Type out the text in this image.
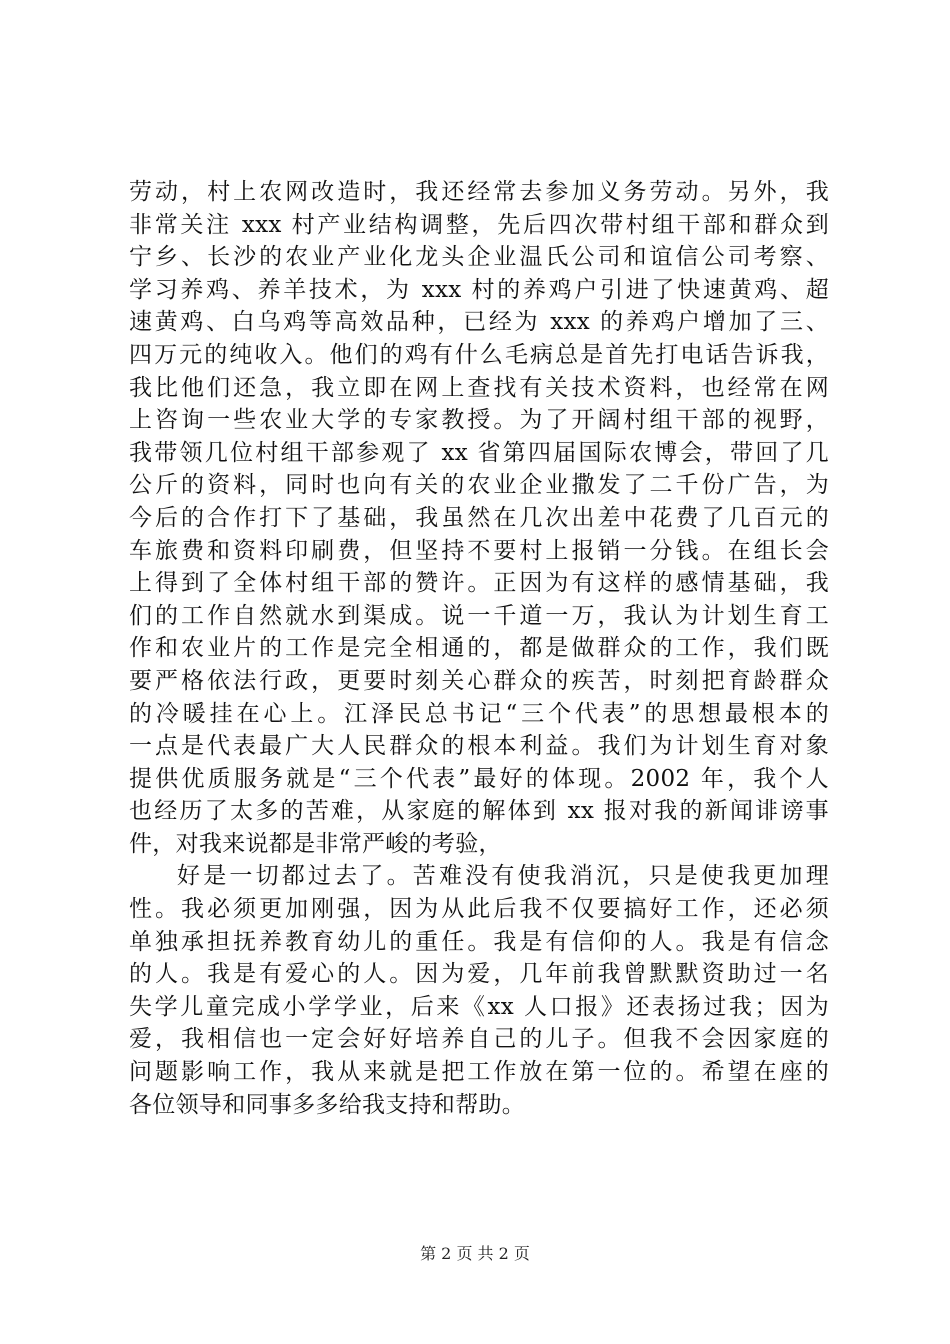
劳动，村上农网改造时，我还经常去参加义务劳动。另外，我
非常关注 xxx 村产业结构调整，先后四次带村组干部和群众到
宁乡、长沙的农业产业化龙头企业温氏公司和谊信公司考察、
学习养鸡、养羊技术，为 xxx 村的养鸡户引进了快速黄鸡、超
速黄鸡、白乌鸡等高效品种，已经为 xxx 的养鸡户增加了三、
四万元的纯收入。他们的鸡有什么毛病总是首先打电话告诉我，
我比他们还急，我立即在网上查找有关技术资料，也经常在网
上咨询一些农业大学的专家教授。为了开阔村组干部的视野，
我带领几位村组干部参观了 xx 省第四届国际农博会，带回了几
公斤的资料，同时也向有关的农业企业撒发了二千份广告，为
今后的合作打下了基础，我虽然在几次出差中花费了几百元的
车旅费和资料印刷费，但坚持不要村上报销一分钱。在组长会
上得到了全体村组干部的赞许。正因为有这样的感情基础，我
们的工作自然就水到渠成。说一千道一万，我认为计划生育工
作和农业片的工作是完全相通的，都是做群众的工作，我们既
要严格依法行政，更要时刻关心群众的疾苦，时刻把育龄群众
的冷暖挂在心上。江泽民总书记“三个代表”的思想最根本的
一点是代表最广大人民群众的根本利益。我们为计划生育对象
提供优质服务就是“三个代表”最好的体现。2002 年，我个人
也经历了太多的苦难，从家庭的解体到 xx 报对我的新闻诽谤事
件，对我来说都是非常严峻的考验，
好是一切都过去了。苦难没有使我消沉，只是使我更加理
性。我必须更加刚强，因为从此后我不仅要搞好工作，还必须
单独承担抚养教育幼儿的重任。我是有信仰的人。我是有信念
的人。我是有爱心的人。因为爱，几年前我曾默默资助过一名
失学儿童完成小学学业，后来《xx 人口报》还表扬过我；因为
爱，我相信也一定会好好培养自己的儿子。但我不会因家庭的
问题影响工作，我从来就是把工作放在第一位的。希望在座的
各位领导和同事多多给我支持和帮助。
第 2 页 共 2 页
